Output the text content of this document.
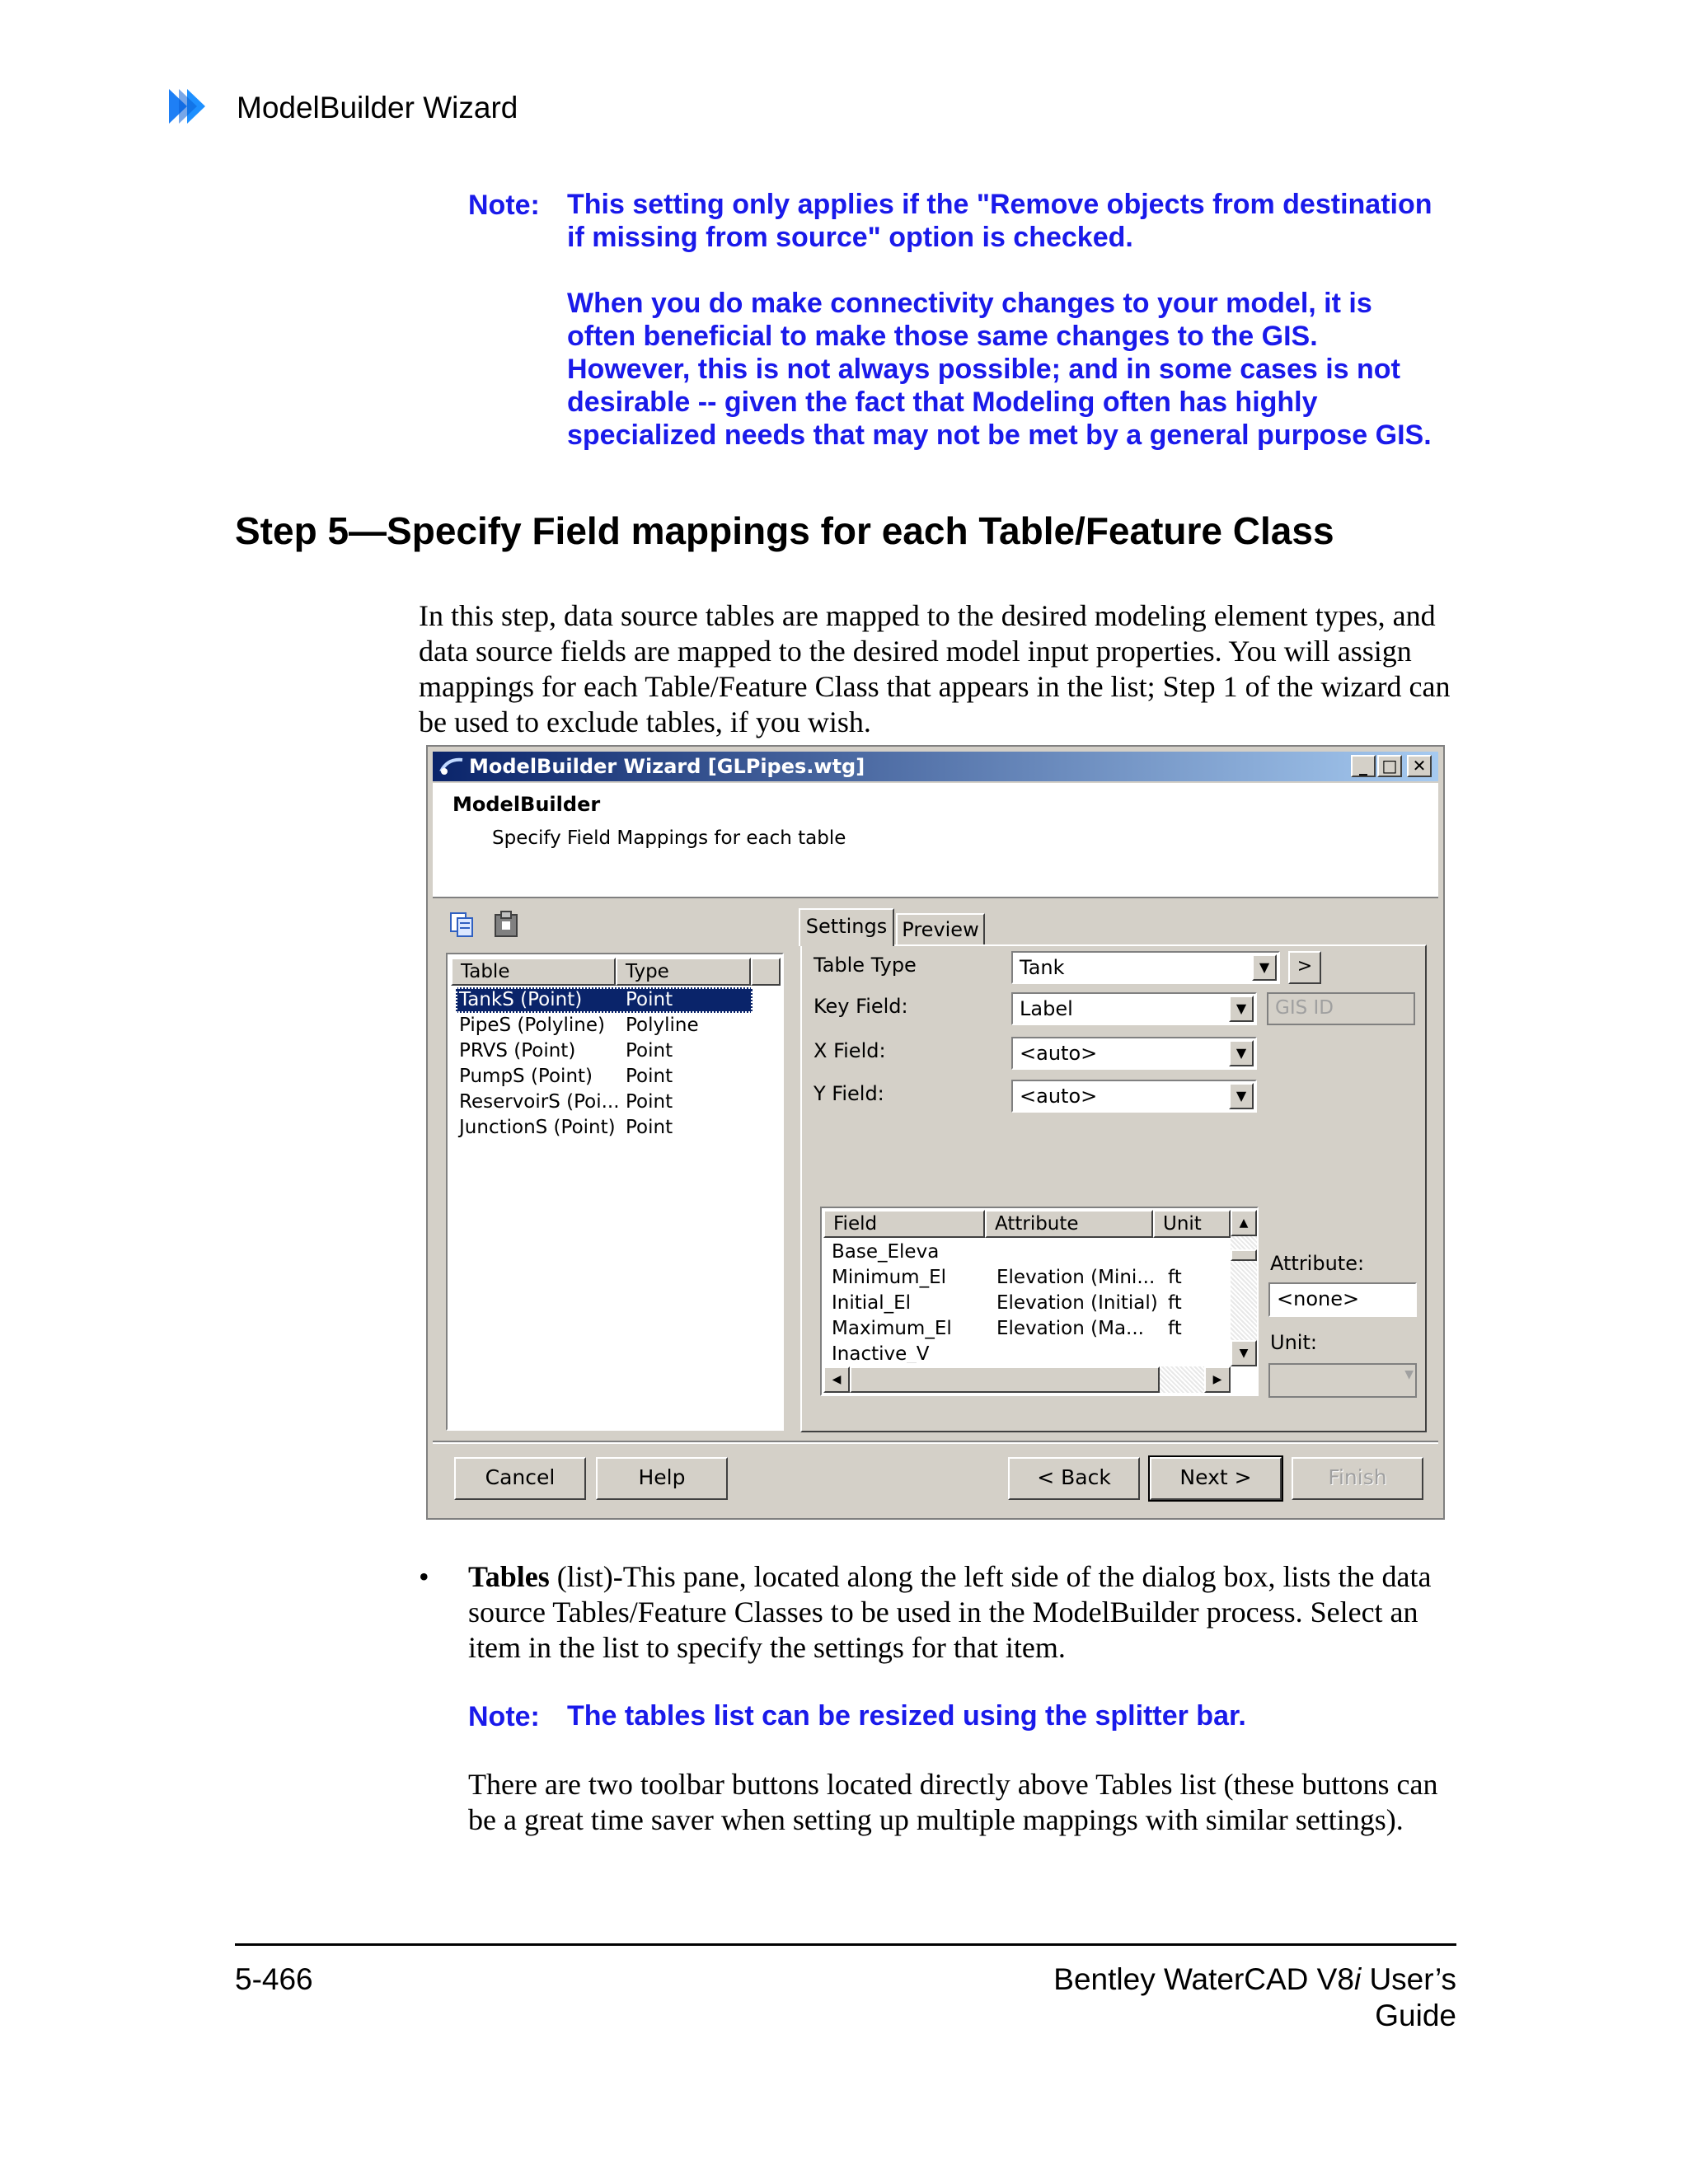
ModelBuilder Wizard
Note: This setting only applies if the "Remove objects from destination

if missing from source" option is checked.

When you do make connectivity changes to your model, it is

often beneficial to make those same changes to the GIS.

However, this is not always possible; and in some cases is not

desirable -- given the fact that Modeling often has highly

specialized needs that may not be met by a general purpose GIS.

Step 5—Specify Field mappings for each Table/Feature Class
In this step, data source tables are mapped to the desired modeling element types, and
data source fields are mapped to the desired model input properties. You will assign
mappings for each Table/Feature Class that appears in the list; Step 1 of the wizard can
be used to exclude tables, if you wish.
ModelBuilder Wizard [GLPipes.wtg]	_ □ ✕
ModelBuilder
Specify Field Mappings for each table
Table	Type
TankS (Point) Point
PipeS (Polyline) Polyline
PRVS (Point)	Point
PumpS (Point) Point
ReservoirS (Poi... Point
JunctionS (Point) Point
Settings Preview
Table Type	Tank	▼	>
Key Field:	Label	▼	GIS ID
X Field:	<auto>	▼
Y Field:	<auto>	▼
Field	Attribute	Unit
Base_Eleva
Minimum_El	Elevation (Mini... ft
Initial_El	Elevation (Initial) ft
Maximum_El Elevation (Ma... ft
Inactive_V
▲
▼
◀	▶
Attribute:
<none>
Unit:
▼
Cancel	Help	< Back	Next >	Finish
• Tables (list)-This pane, located along the left side of the dialog box, lists the data
source Tables/Feature Classes to be used in the ModelBuilder process. Select an
item in the list to specify the settings for that item.
Note: The tables list can be resized using the splitter bar.
There are two toolbar buttons located directly above Tables list (these buttons can
be a great time saver when setting up multiple mappings with similar settings).
5-466	Bentley WaterCAD V8i User’s Guide
